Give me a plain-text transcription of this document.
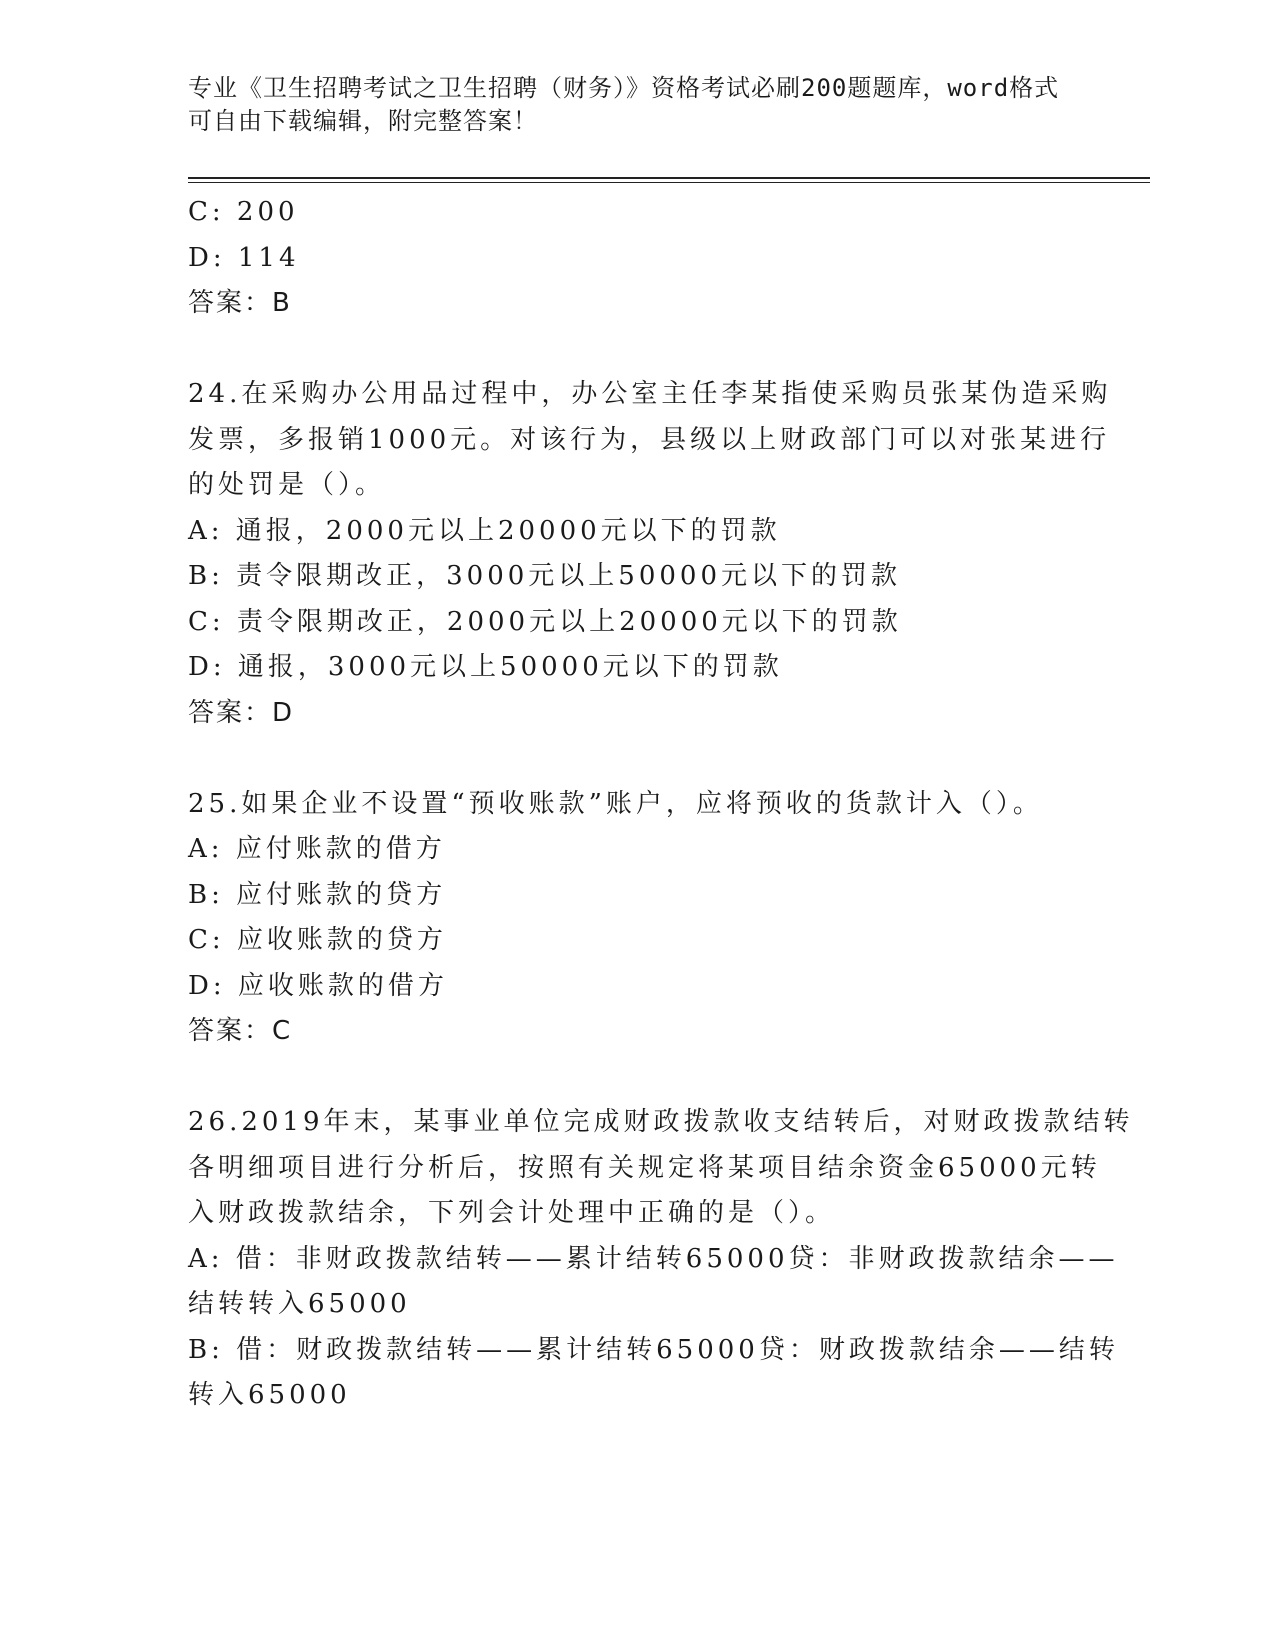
专业《卫生招聘考试之卫生招聘（财务）》资格考试必刷200题题库，word格式
可自由下载编辑，附完整答案！

C: 200

D: 114

答案：B

24.在采购办公用品过程中，办公室主任李某指使采购员张某伪造采购

发票，多报销1000元。对该行为，县级以上财政部门可以对张某进行

的处罚是（）。

A: 通报，2000元以上20000元以下的罚款

B: 责令限期改正，3000元以上50000元以下的罚款

C: 责令限期改正，2000元以上20000元以下的罚款

D: 通报，3000元以上50000元以下的罚款

答案：D

25.如果企业不设置“预收账款”账户，应将预收的货款计入（）。

A: 应付账款的借方

B: 应付账款的贷方

C: 应收账款的贷方

D: 应收账款的借方

答案：C

26.2019年末，某事业单位完成财政拨款收支结转后，对财政拨款结转

各明细项目进行分析后，按照有关规定将某项目结余资金65000元转

入财政拨款结余，下列会计处理中正确的是（）。

A: 借：非财政拨款结转——累计结转65000贷：非财政拨款结余——

结转转入65000

B: 借：财政拨款结转——累计结转65000贷：财政拨款结余——结转

转入65000
